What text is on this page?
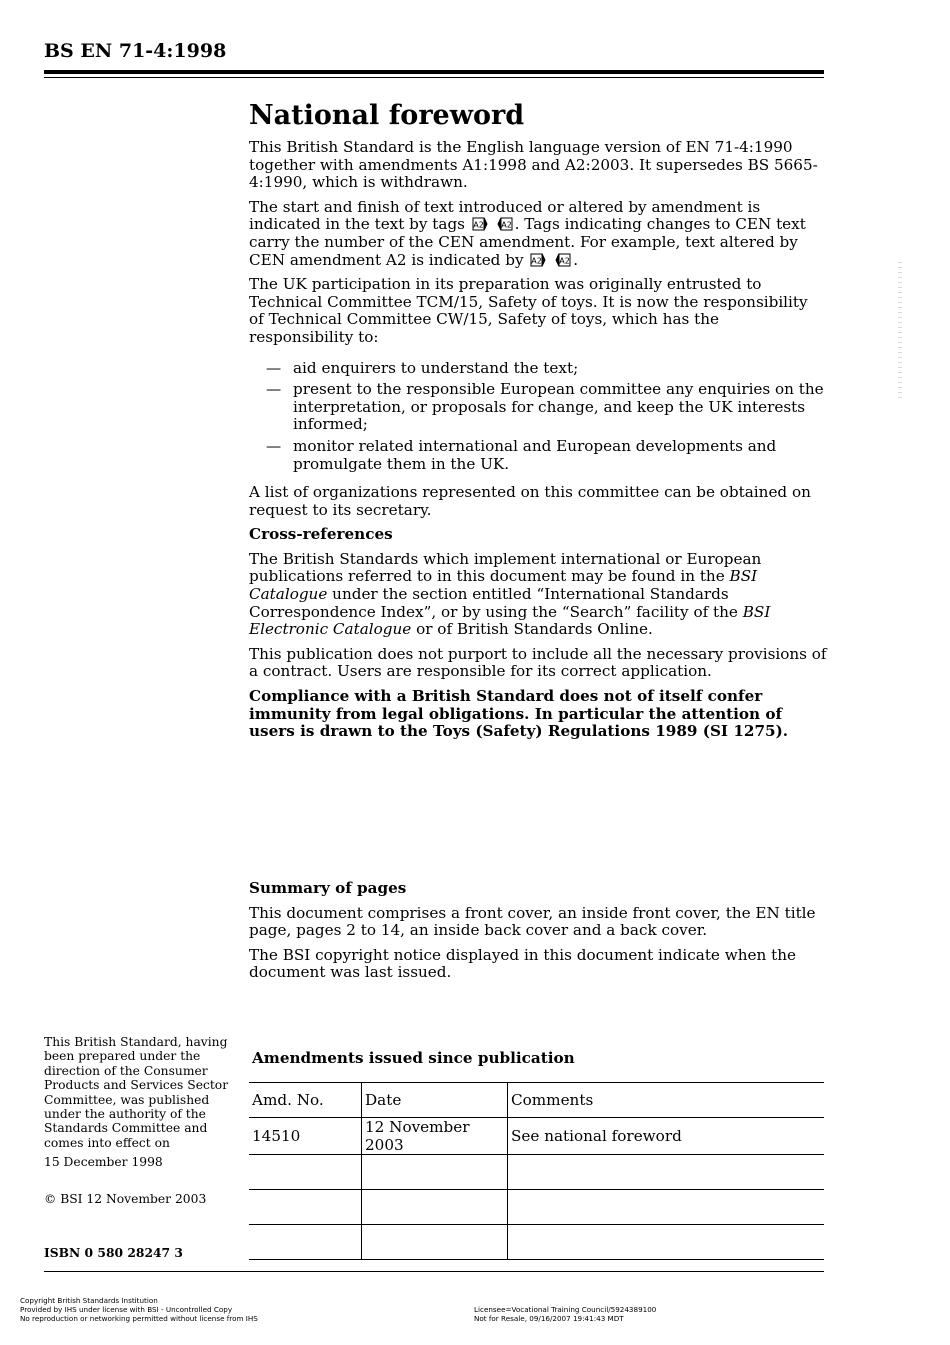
BS EN 71-4:1998
National foreword

This British Standard is the English language version of EN 71-4:1990 together with amendments A1:1998 and A2:2003. It supersedes BS 5665-4:1990, which is withdrawn.

The start and finish of text introduced or altered by amendment is indicated in the text by tags A2
A2 . Tags indicating changes to CEN text carry the number of the CEN amendment. For example, text altered by CEN amendment A2 is indicated by A2
A2 .

The UK participation in its preparation was originally entrusted to Technical Committee TCM/15, Safety of toys. It is now the responsibility of Technical Committee CW/15, Safety of toys, which has the responsibility to:

— aid enquirers to understand the text;
— present to the responsible European committee any enquiries on the interpretation, or proposals for change, and keep the UK interests informed;
— monitor related international and European developments and promulgate them in the UK.

A list of organizations represented on this committee can be obtained on request to its secretary.

Cross-references

The British Standards which implement international or European publications referred to in this document may be found in the BSI Catalogue under the section entitled “International Standards Correspondence Index”, or by using the “Search” facility of the BSI Electronic Catalogue or of British Standards Online.

This publication does not purport to include all the necessary provisions of a contract. Users are responsible for its correct application.

Compliance with a British Standard does not of itself confer immunity from legal obligations. In particular the attention of users is drawn to the Toys (Safety) Regulations 1989 (SI 1275).

Summary of pages

This document comprises a front cover, an inside front cover, the EN title page, pages 2 to 14, an inside back cover and a back cover.

The BSI copyright notice displayed in this document indicate when the document was last issued.

This British Standard, having been prepared under the direction of the Consumer Products and Services Sector Committee, was published under the authority of the Standards Committee and comes into effect on

15 December 1998

© BSI 12 November 2003

ISBN 0 580 28247 3
Amendments issued since publication
Amd. No.	Date	Comments
14510	12 November 2003	See national foreword

Copyright British Standards Institution
Provided by IHS under license with BSI - Uncontrolled Copy
No reproduction or networking permitted without license from IHS
Licensee=Vocational Training Council/5924389100
Not for Resale, 09/16/2007 19:41:43 MDT
